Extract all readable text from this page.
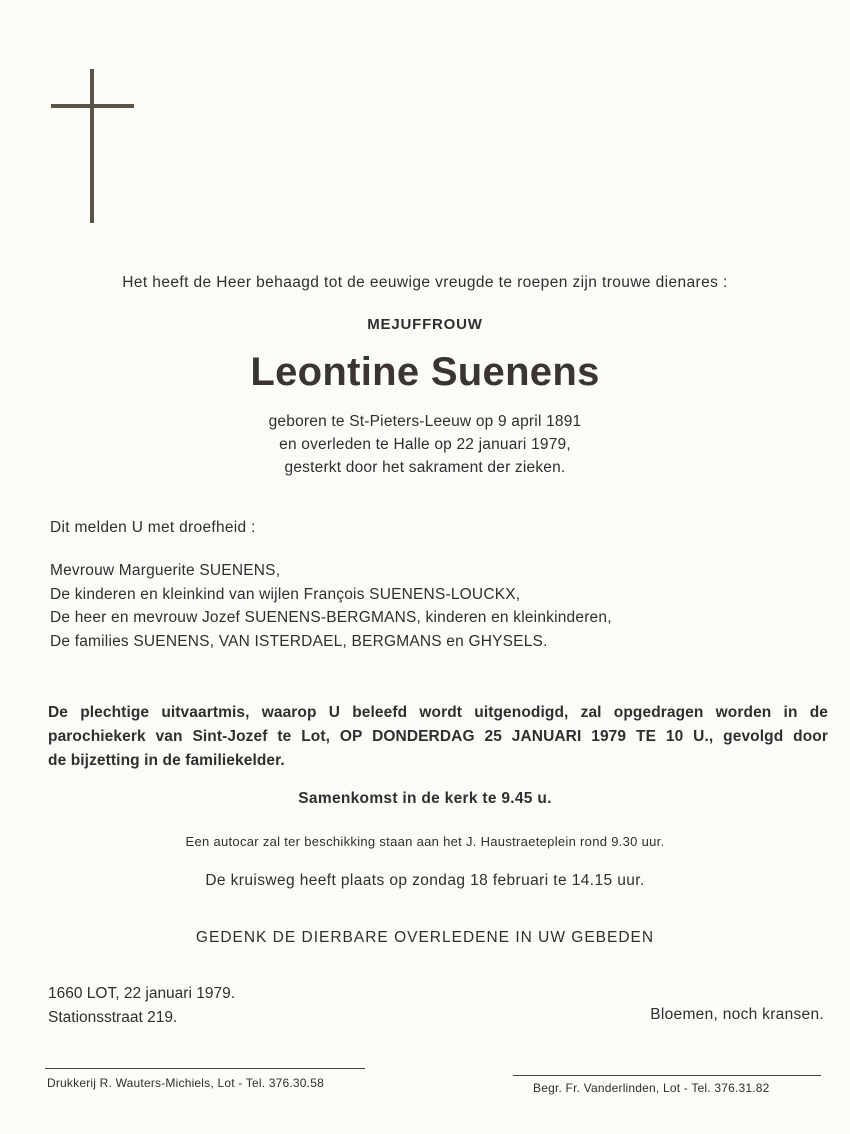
Het heeft de Heer behaagd tot de eeuwige vreugde te roepen zijn trouwe dienares :
MEJUFFROUW
Leontine Suenens
geboren te St-Pieters-Leeuw op 9 april 1891
en overleden te Halle op 22 januari 1979,
gesterkt door het sakrament der zieken.
Dit melden U met droefheid :
Mevrouw Marguerite SUENENS,
De kinderen en kleinkind van wijlen François SUENENS-LOUCKX,
De heer en mevrouw Jozef SUENENS-BERGMANS, kinderen en kleinkinderen,
De families SUENENS, VAN ISTERDAEL, BERGMANS en GHYSELS.
De plechtige uitvaartmis, waarop U beleefd wordt uitgenodigd, zal opgedragen worden in de
parochiekerk van Sint-Jozef te Lot, OP DONDERDAG 25 JANUARI 1979 TE 10 U., gevolgd door
de bijzetting in de familiekelder.
Samenkomst in de kerk te 9.45 u.
Een autocar zal ter beschikking staan aan het J. Haustraeteplein rond 9.30 uur.
De kruisweg heeft plaats op zondag 18 februari te 14.15 uur.
GEDENK DE DIERBARE OVERLEDENE IN UW GEBEDEN
1660 LOT, 22 januari 1979.
Stationsstraat 219.	Bloemen, noch kransen.
Drukkerij R. Wauters-Michiels, Lot - Tel. 376.30.58	Begr. Fr. Vanderlinden, Lot - Tel. 376.31.82
